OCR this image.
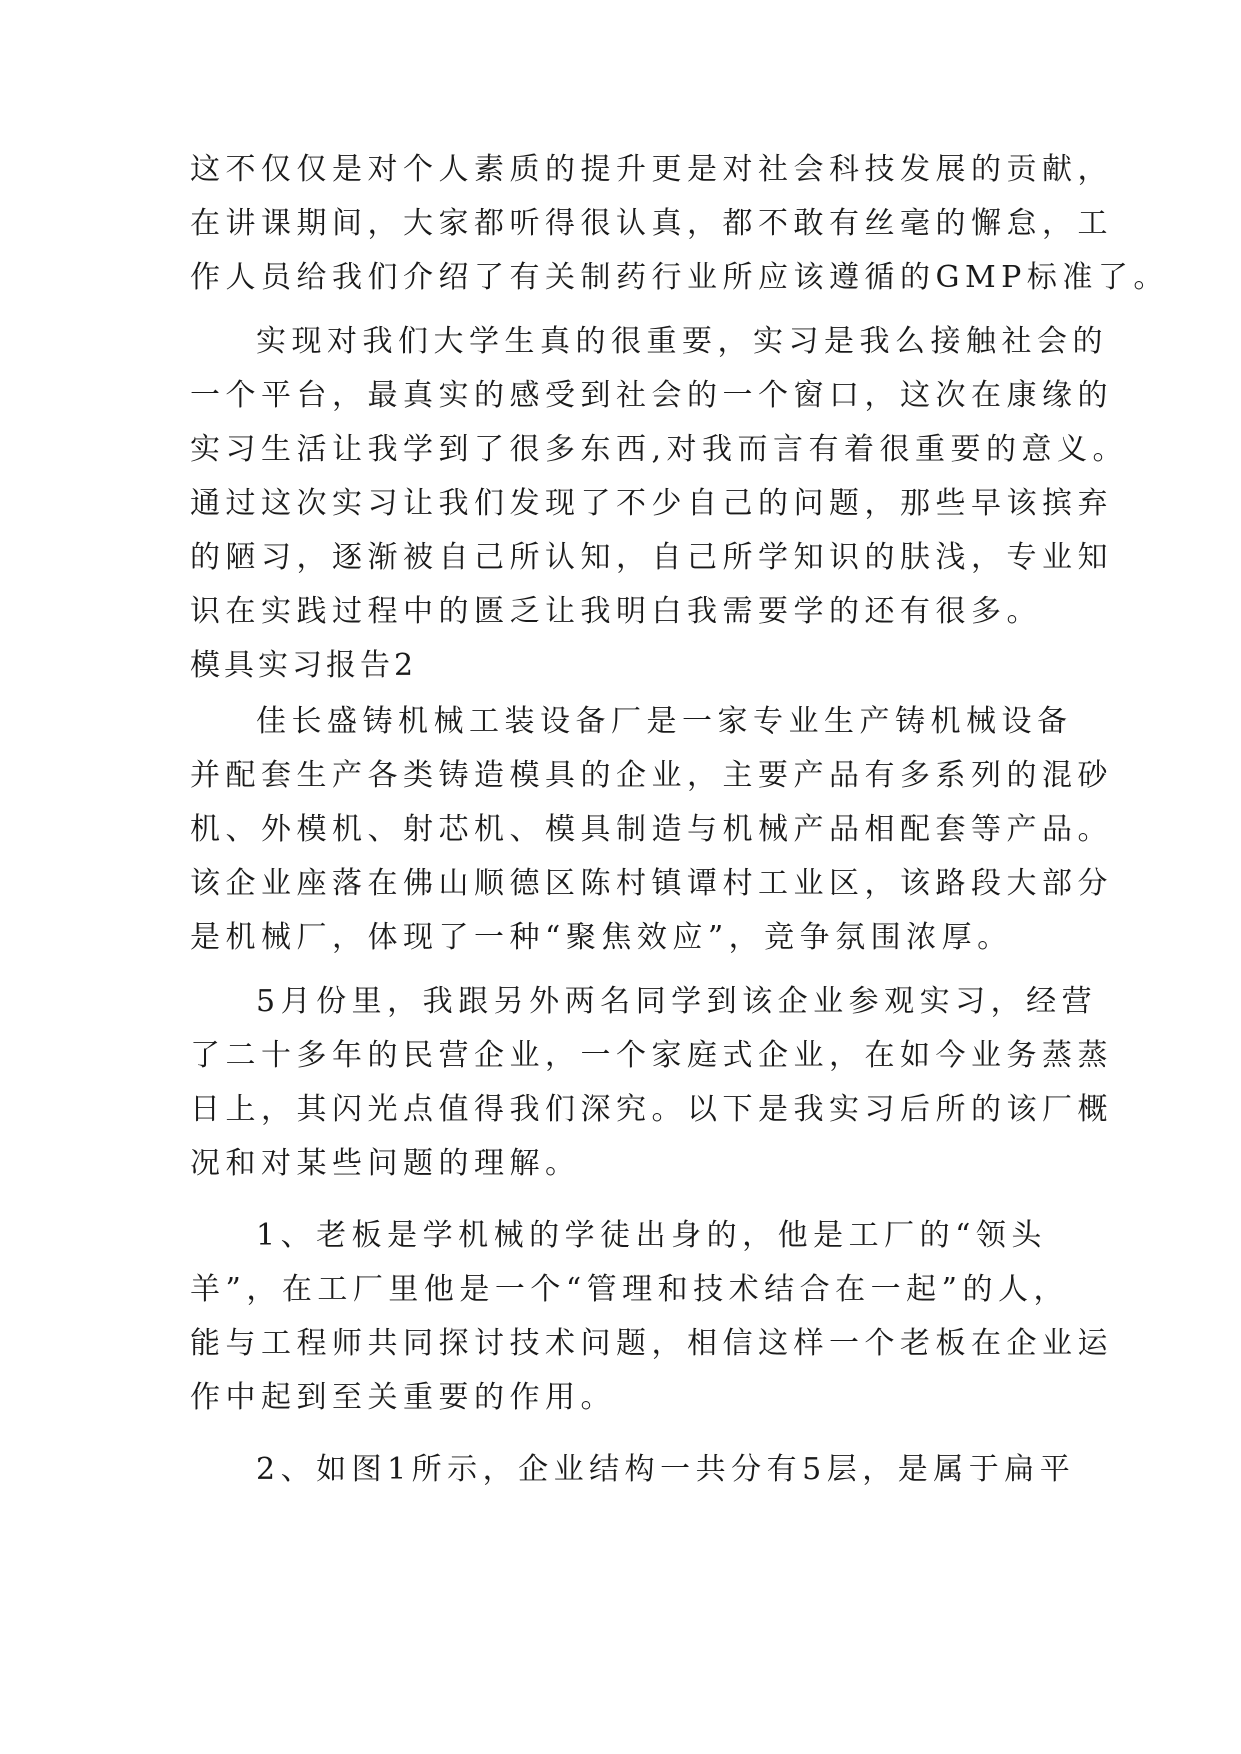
这不仅仅是对个人素质的提升更是对社会科技发展的贡献，
在讲课期间，大家都听得很认真，都不敢有丝毫的懈怠，工
作人员给我们介绍了有关制药行业所应该遵循的GMP标准了。
实现对我们大学生真的很重要，实习是我么接触社会的
一个平台，最真实的感受到社会的一个窗口，这次在康缘的
实习生活让我学到了很多东西,对我而言有着很重要的意义。
通过这次实习让我们发现了不少自己的问题，那些早该摈弃
的陋习，逐渐被自己所认知，自己所学知识的肤浅，专业知
识在实践过程中的匮乏让我明白我需要学的还有很多。
模具实习报告2
佳长盛铸机械工装设备厂是一家专业生产铸机械设备
并配套生产各类铸造模具的企业，主要产品有多系列的混砂
机、外模机、射芯机、模具制造与机械产品相配套等产品。
该企业座落在佛山顺德区陈村镇谭村工业区，该路段大部分
是机械厂，体现了一种“聚焦效应”，竞争氛围浓厚。
5月份里，我跟另外两名同学到该企业参观实习，经营
了二十多年的民营企业，一个家庭式企业，在如今业务蒸蒸
日上，其闪光点值得我们深究。以下是我实习后所的该厂概
况和对某些问题的理解。
1、老板是学机械的学徒出身的，他是工厂的“领头
羊”，在工厂里他是一个“管理和技术结合在一起”的人，
能与工程师共同探讨技术问题，相信这样一个老板在企业运
作中起到至关重要的作用。
2、如图1所示，企业结构一共分有5层，是属于扁平
